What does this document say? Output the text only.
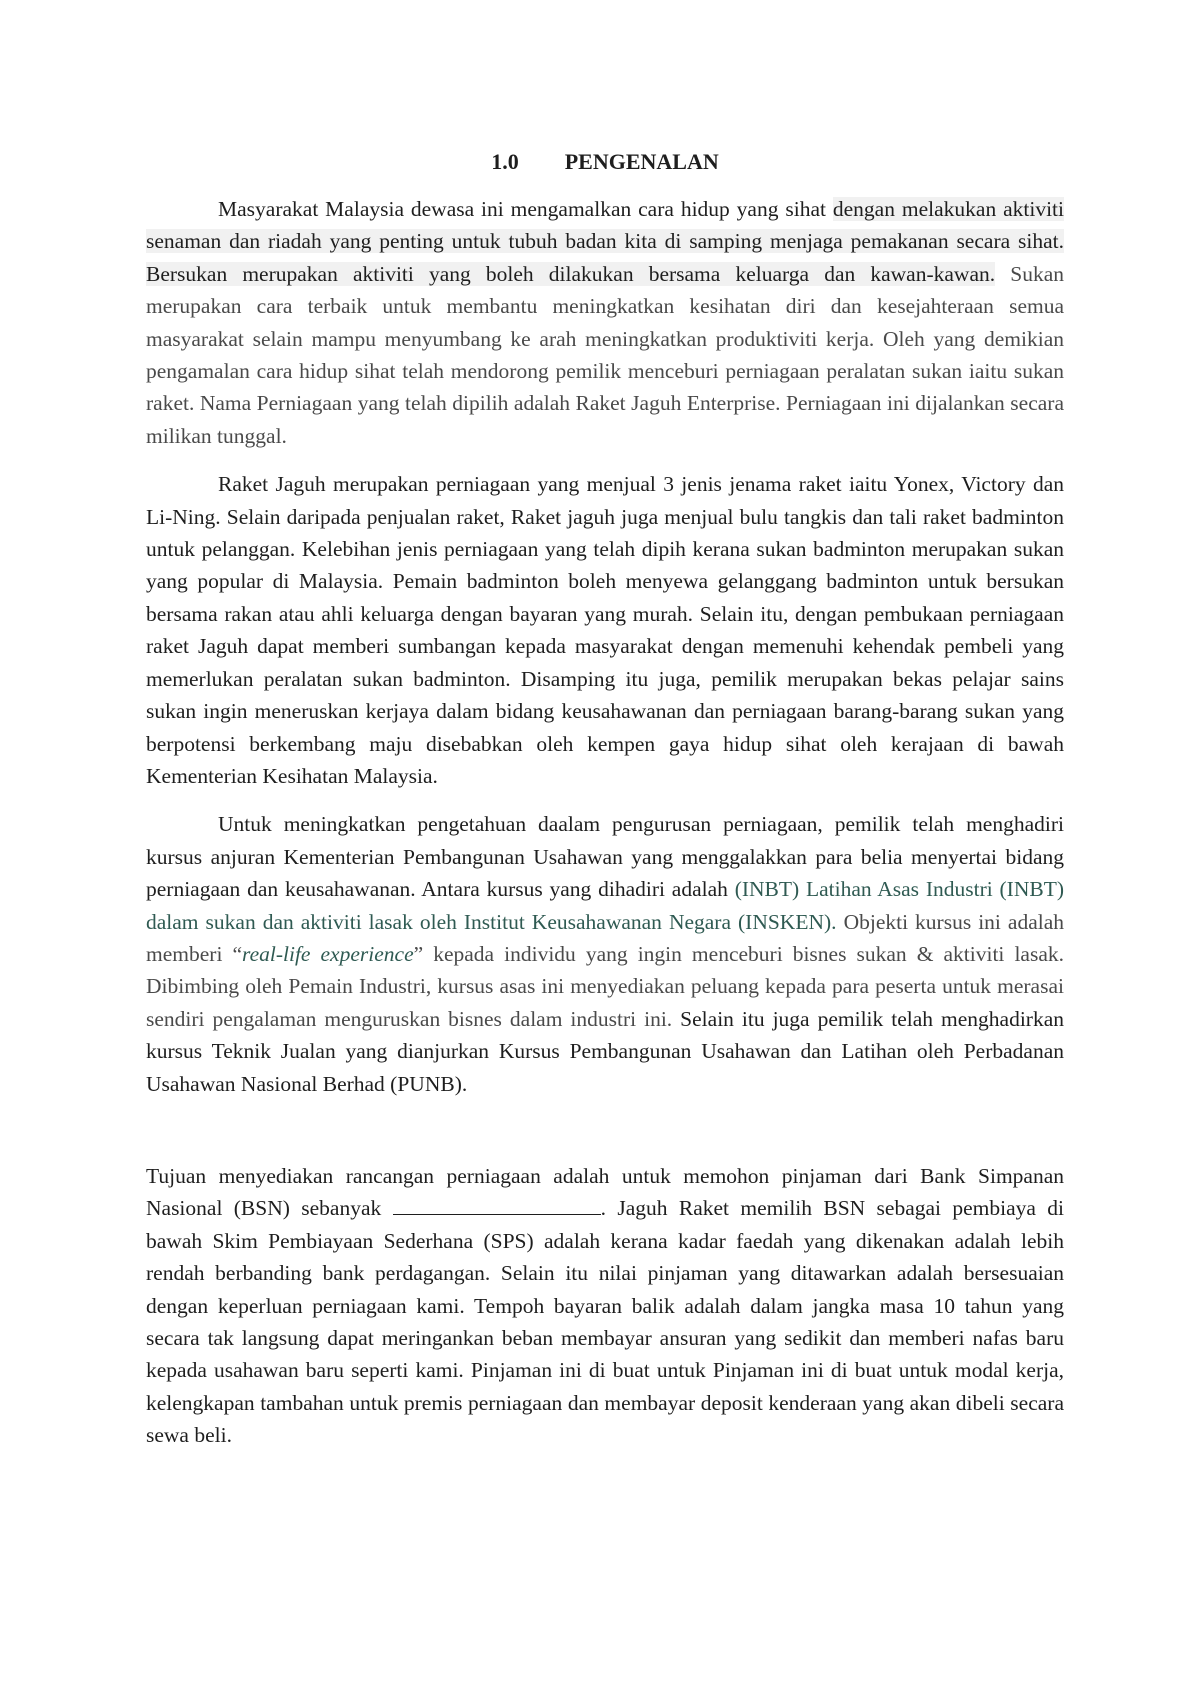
1.0 PENGENALAN

Masyarakat Malaysia dewasa ini mengamalkan cara hidup yang sihat dengan melakukan aktiviti senaman dan riadah yang penting untuk tubuh badan kita di samping menjaga pemakanan secara sihat. Bersukan merupakan aktiviti yang boleh dilakukan bersama keluarga dan kawan-kawan. Sukan merupakan cara terbaik untuk membantu meningkatkan kesihatan diri dan kesejahteraan semua masyarakat selain mampu menyumbang ke arah meningkatkan produktiviti kerja. Oleh yang demikian pengamalan cara hidup sihat telah mendorong pemilik menceburi perniagaan peralatan sukan iaitu sukan raket. Nama Perniagaan yang telah dipilih adalah Raket Jaguh Enterprise. Perniagaan ini dijalankan secara milikan tunggal.

Raket Jaguh merupakan perniagaan yang menjual 3 jenis jenama raket iaitu Yonex, Victory dan Li-Ning. Selain daripada penjualan raket, Raket jaguh juga menjual bulu tangkis dan tali raket badminton untuk pelanggan. Kelebihan jenis perniagaan yang telah dipih kerana sukan badminton merupakan sukan yang popular di Malaysia. Pemain badminton boleh menyewa gelanggang badminton untuk bersukan bersama rakan atau ahli keluarga dengan bayaran yang murah. Selain itu, dengan pembukaan perniagaan raket Jaguh dapat memberi sumbangan kepada masyarakat dengan memenuhi kehendak pembeli yang memerlukan peralatan sukan badminton. Disamping itu juga, pemilik merupakan bekas pelajar sains sukan ingin meneruskan kerjaya dalam bidang keusahawanan dan perniagaan barang-barang sukan yang berpotensi berkembang maju disebabkan oleh kempen gaya hidup sihat oleh kerajaan di bawah Kementerian Kesihatan Malaysia.

Untuk meningkatkan pengetahuan daalam pengurusan perniagaan, pemilik telah menghadiri kursus anjuran Kementerian Pembangunan Usahawan yang menggalakkan para belia menyertai bidang perniagaan dan keusahawanan. Antara kursus yang dihadiri adalah (INBT) Latihan Asas Industri (INBT) dalam sukan dan aktiviti lasak oleh Institut Keusahawanan Negara (INSKEN). Objekti kursus ini adalah memberi “real-life experience” kepada individu yang ingin menceburi bisnes sukan & aktiviti lasak. Dibimbing oleh Pemain Industri, kursus asas ini menyediakan peluang kepada para peserta untuk merasai sendiri pengalaman menguruskan bisnes dalam industri ini. Selain itu juga pemilik telah menghadirkan kursus Teknik Jualan yang dianjurkan Kursus Pembangunan Usahawan dan Latihan oleh Perbadanan Usahawan Nasional Berhad (PUNB).

Tujuan menyediakan rancangan perniagaan adalah untuk memohon pinjaman dari Bank Simpanan Nasional (BSN) sebanyak	. Jaguh Raket memilih BSN sebagai pembiaya di bawah Skim Pembiayaan Sederhana (SPS) adalah kerana kadar faedah yang dikenakan adalah lebih rendah berbanding bank perdagangan. Selain itu nilai pinjaman yang ditawarkan adalah bersesuaian dengan keperluan perniagaan kami. Tempoh bayaran balik adalah dalam jangka masa 10 tahun yang secara tak langsung dapat meringankan beban membayar ansuran yang sedikit dan memberi nafas baru kepada usahawan baru seperti kami. Pinjaman ini di buat untuk Pinjaman ini di buat untuk modal kerja, kelengkapan tambahan untuk premis perniagaan dan membayar deposit kenderaan yang akan dibeli secara sewa beli.
